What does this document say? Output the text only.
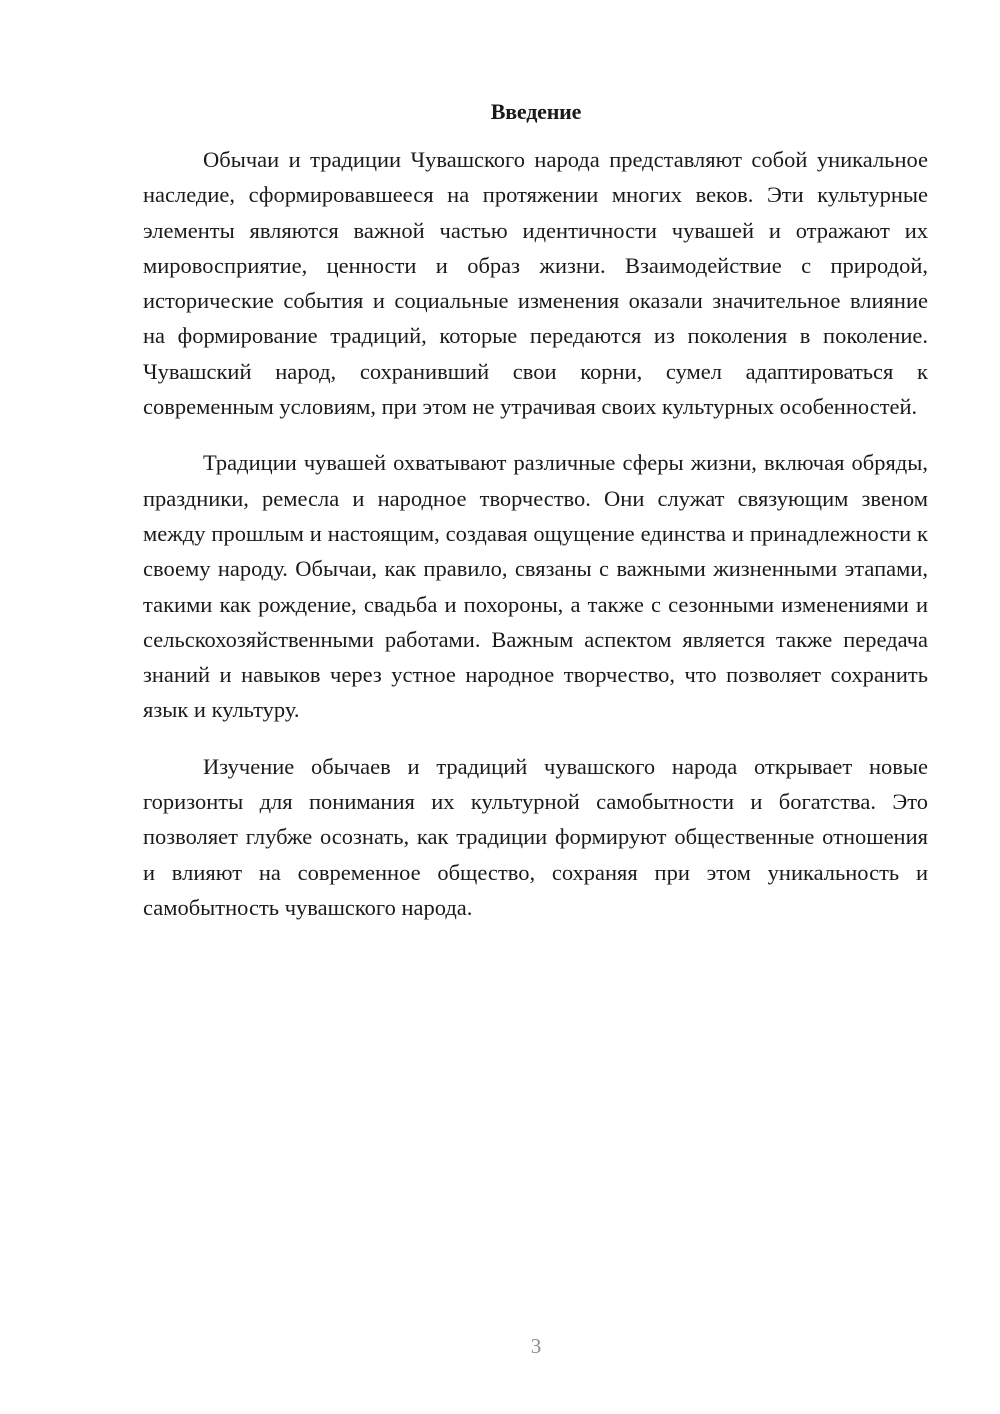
Введение

Обычаи и традиции Чувашского народа представляют собой уникальное наследие, сформировавшееся на протяжении многих веков. Эти культурные элементы являются важной частью идентичности чувашей и отражают их мировосприятие, ценности и образ жизни. Взаимодействие с природой, исторические события и социальные изменения оказали значительное влияние на формирование традиций, которые передаются из поколения в поколение. Чувашский народ, сохранивший свои корни, сумел адаптироваться к современным условиям, при этом не утрачивая своих культурных особенностей.

Традиции чувашей охватывают различные сферы жизни, включая обряды, праздники, ремесла и народное творчество. Они служат связующим звеном между прошлым и настоящим, создавая ощущение единства и принадлежности к своему народу. Обычаи, как правило, связаны с важными жизненными этапами, такими как рождение, свадьба и похороны, а также с сезонными изменениями и сельскохозяйственными работами. Важным аспектом является также передача знаний и навыков через устное народное творчество, что позволяет сохранить язык и культуру.

Изучение обычаев и традиций чувашского народа открывает новые горизонты для понимания их культурной самобытности и богатства. Это позволяет глубже осознать, как традиции формируют общественные отношения и влияют на современное общество, сохраняя при этом уникальность и самобытность чувашского народа.

3
